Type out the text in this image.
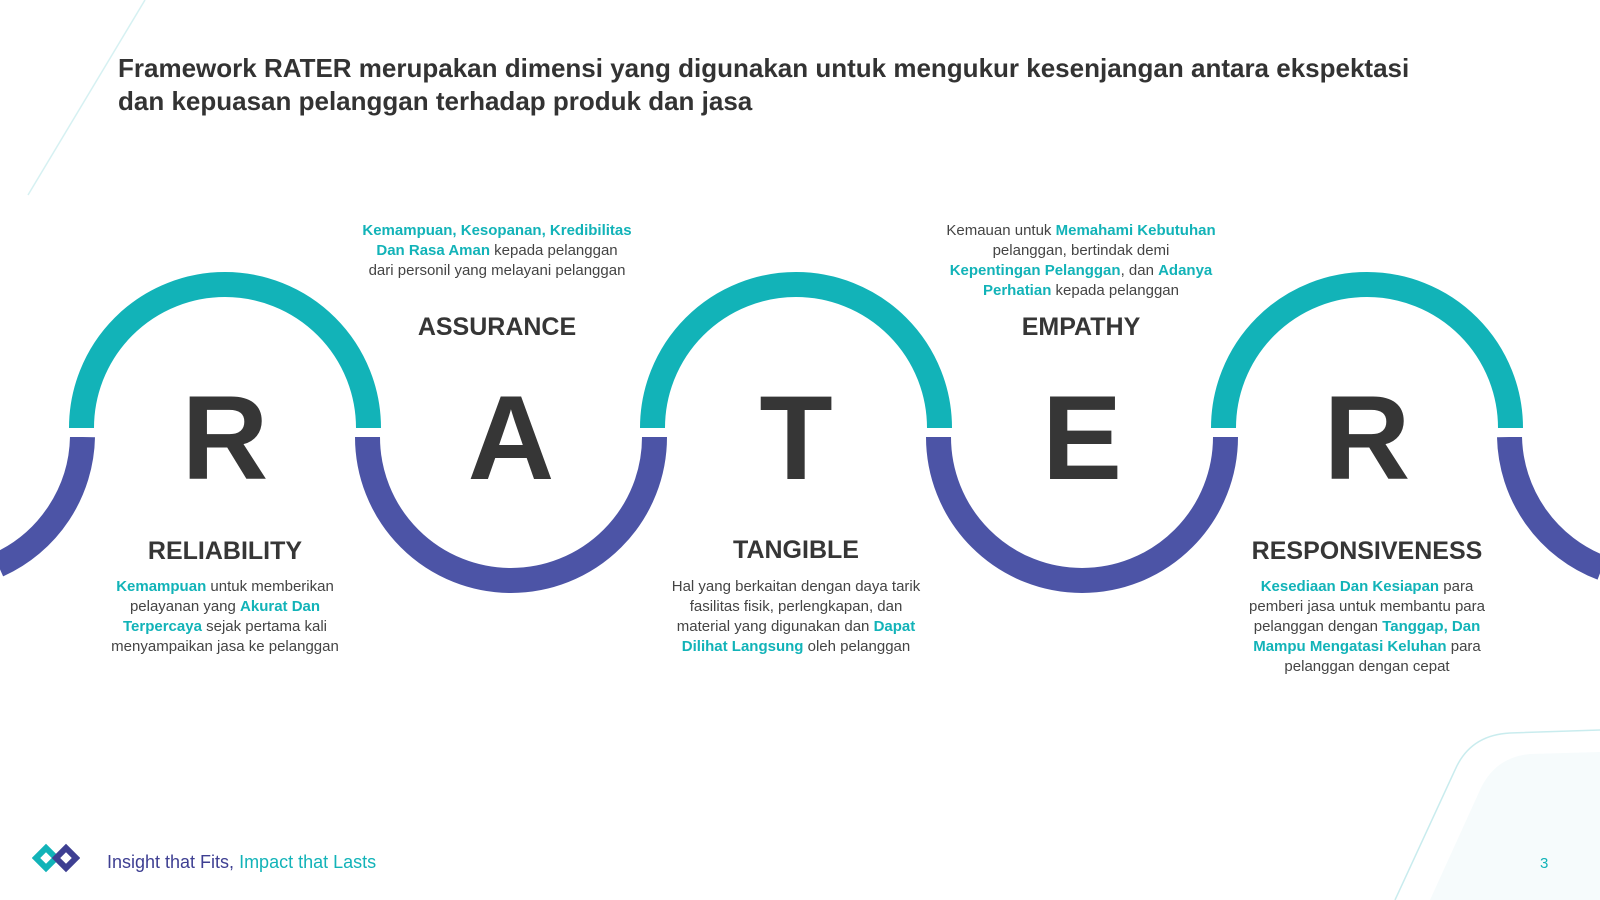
Framework RATER merupakan dimensi yang digunakan untuk mengukur kesenjangan antara ekspektasi dan kepuasan pelanggan terhadap produk dan jasa
R	A	T	E	R
RELIABILITY
ASSURANCE
TANGIBLE
EMPATHY
RESPONSIVENESS
Kemampuan untuk memberikan pelayanan yang Akurat Dan Terpercaya sejak pertama kali menyampaikan jasa ke pelanggan
Kemampuan, Kesopanan, Kredibilitas Dan Rasa Aman kepada pelanggan dari personil yang melayani pelanggan
Hal yang berkaitan dengan daya tarik fasilitas fisik, perlengkapan, dan material yang digunakan dan Dapat Dilihat Langsung oleh pelanggan
Kemauan untuk Memahami Kebutuhan pelanggan, bertindak demi Kepentingan Pelanggan, dan Adanya Perhatian kepada pelanggan
Kesediaan Dan Kesiapan para pemberi jasa untuk membantu para pelanggan dengan Tanggap, Dan Mampu Mengatasi Keluhan para pelanggan dengan cepat
Insight that Fits, Impact that Lasts	3
